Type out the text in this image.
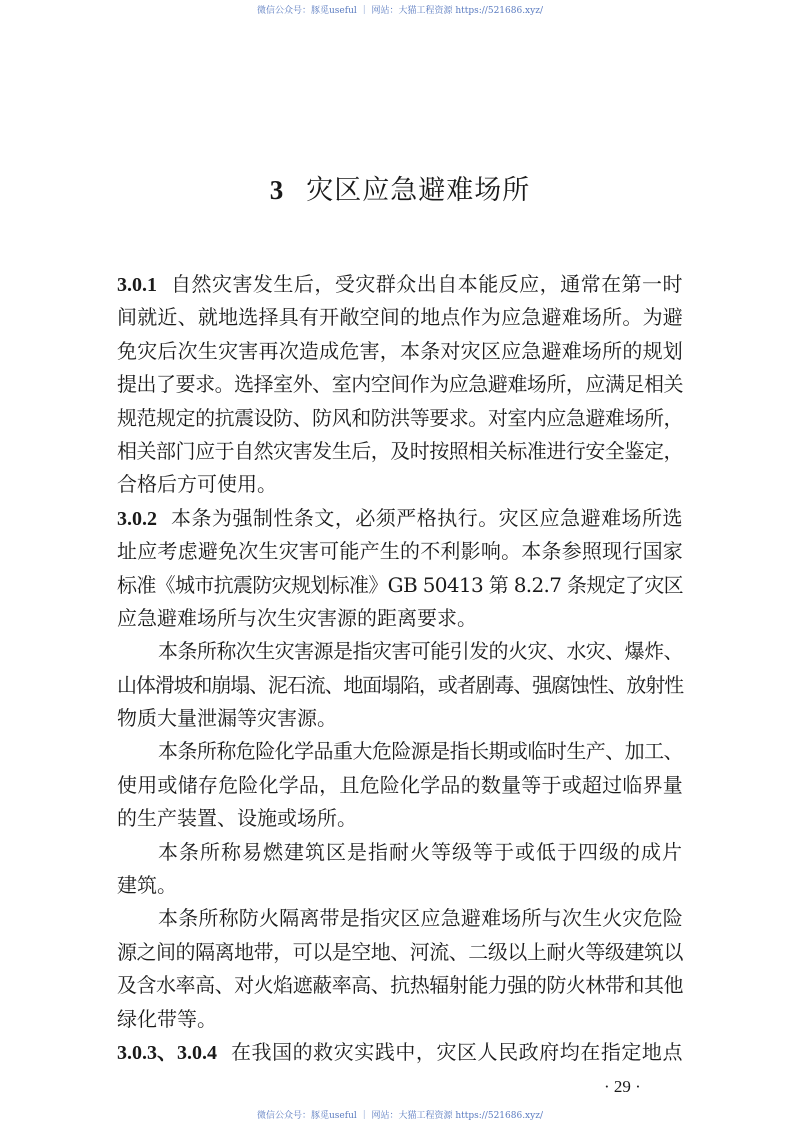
微信公众号：豚觅useful ｜ 网站：大猫工程资源 https://521686.xyz/
3 灾区应急避难场所
3.0.1 自然灾害发生后，受灾群众出自本能反应，通常在第一时
间就近、就地选择具有开敞空间的地点作为应急避难场所。为避
免灾后次生灾害再次造成危害，本条对灾区应急避难场所的规划
提出了要求。选择室外、室内空间作为应急避难场所，应满足相关
规范规定的抗震设防、防风和防洪等要求。对室内应急避难场所，
相关部门应于自然灾害发生后，及时按照相关标准进行安全鉴定，
合格后方可使用。
3.0.2 本条为强制性条文，必须严格执行。灾区应急避难场所选
址应考虑避免次生灾害可能产生的不利影响。本条参照现行国家
标准《城市抗震防灾规划标准》GB 50413 第 8.2.7 条规定了灾区
应急避难场所与次生灾害源的距离要求。
本条所称次生灾害源是指灾害可能引发的火灾、水灾、爆炸、
山体滑坡和崩塌、泥石流、地面塌陷，或者剧毒、强腐蚀性、放射性
物质大量泄漏等灾害源。
本条所称危险化学品重大危险源是指长期或临时生产、加工、
使用或储存危险化学品，且危险化学品的数量等于或超过临界量
的生产装置、设施或场所。
本条所称易燃建筑区是指耐火等级等于或低于四级的成片
建筑。
本条所称防火隔离带是指灾区应急避难场所与次生火灾危险
源之间的隔离地带，可以是空地、河流、二级以上耐火等级建筑以
及含水率高、对火焰遮蔽率高、抗热辐射能力强的防火林带和其他
绿化带等。
3.0.3、3.0.4 在我国的救灾实践中，灾区人民政府均在指定地点
· 29 ·
微信公众号：豚觅useful ｜ 网站：大猫工程资源 https://521686.xyz/
